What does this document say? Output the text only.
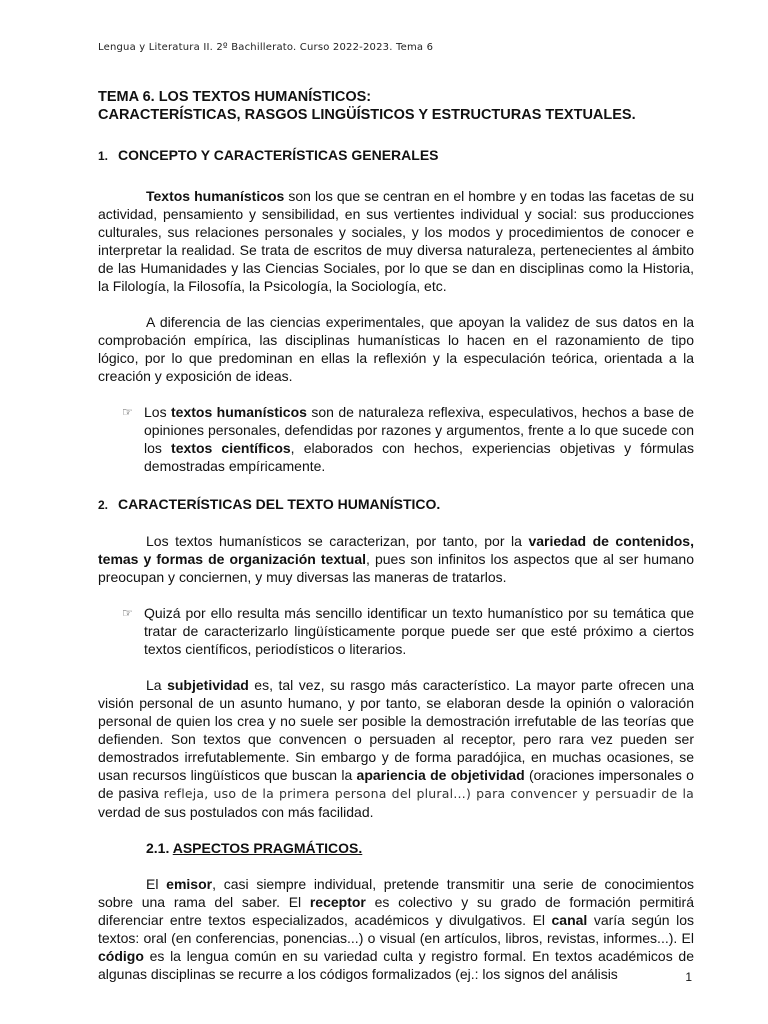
Lengua y Literatura II. 2º Bachillerato. Curso 2022-2023. Tema 6

TEMA 6. LOS TEXTOS HUMANÍSTICOS:

CARACTERÍSTICAS, RASGOS LINGÜÍSTICOS Y ESTRUCTURAS TEXTUALES.

1. CONCEPTO Y CARACTERÍSTICAS GENERALES

Textos humanísticos son los que se centran en el hombre y en todas las facetas de su actividad, pensamiento y sensibilidad, en sus vertientes individual y social: sus producciones culturales, sus relaciones personales y sociales, y los modos y procedimientos de conocer e interpretar la realidad. Se trata de escritos de muy diversa naturaleza, pertenecientes al ámbito de las Humanidades y las Ciencias Sociales, por lo que se dan en disciplinas como la Historia, la Filología, la Filosofía, la Psicología, la Sociología, etc.

A diferencia de las ciencias experimentales, que apoyan la validez de sus datos en la comprobación empírica, las disciplinas humanísticas lo hacen en el razonamiento de tipo lógico, por lo que predominan en ellas la reflexión y la especulación teórica, orientada a la creación y exposición de ideas.

☞ Los textos humanísticos son de naturaleza reflexiva, especulativos, hechos a base de opiniones personales, defendidas por razones y argumentos, frente a lo que sucede con los textos científicos, elaborados con hechos, experiencias objetivas y fórmulas demostradas empíricamente.

2. CARACTERÍSTICAS DEL TEXTO HUMANÍSTICO.

Los textos humanísticos se caracterizan, por tanto, por la variedad de contenidos, temas y formas de organización textual, pues son infinitos los aspectos que al ser humano preocupan y conciernen, y muy diversas las maneras de tratarlos.

☞ Quizá por ello resulta más sencillo identificar un texto humanístico por su temática que tratar de caracterizarlo lingüísticamente porque puede ser que esté próximo a ciertos textos científicos, periodísticos o literarios.

La subjetividad es, tal vez, su rasgo más característico. La mayor parte ofrecen una visión personal de un asunto humano, y por tanto, se elaboran desde la opinión o valoración personal de quien los crea y no suele ser posible la demostración irrefutable de las teorías que defienden. Son textos que convencen o persuaden al receptor, pero rara vez pueden ser demostrados irrefutablemente. Sin embargo y de forma paradójica, en muchas ocasiones, se usan recursos lingüísticos que buscan la apariencia de objetividad (oraciones impersonales o de pasiva refleja, uso de la primera persona del plural…) para convencer y persuadir de la verdad de sus postulados con más facilidad.

2.1. ASPECTOS PRAGMÁTICOS.

El emisor, casi siempre individual, pretende transmitir una serie de conocimientos sobre una rama del saber. El receptor es colectivo y su grado de formación permitirá diferenciar entre textos especializados, académicos y divulgativos. El canal varía según los textos: oral (en conferencias, ponencias...) o visual (en artículos, libros, revistas, informes...). El código es la lengua común en su variedad culta y registro formal. En textos académicos de algunas disciplinas se recurre a los códigos formalizados (ej.: los signos del análisis	1
